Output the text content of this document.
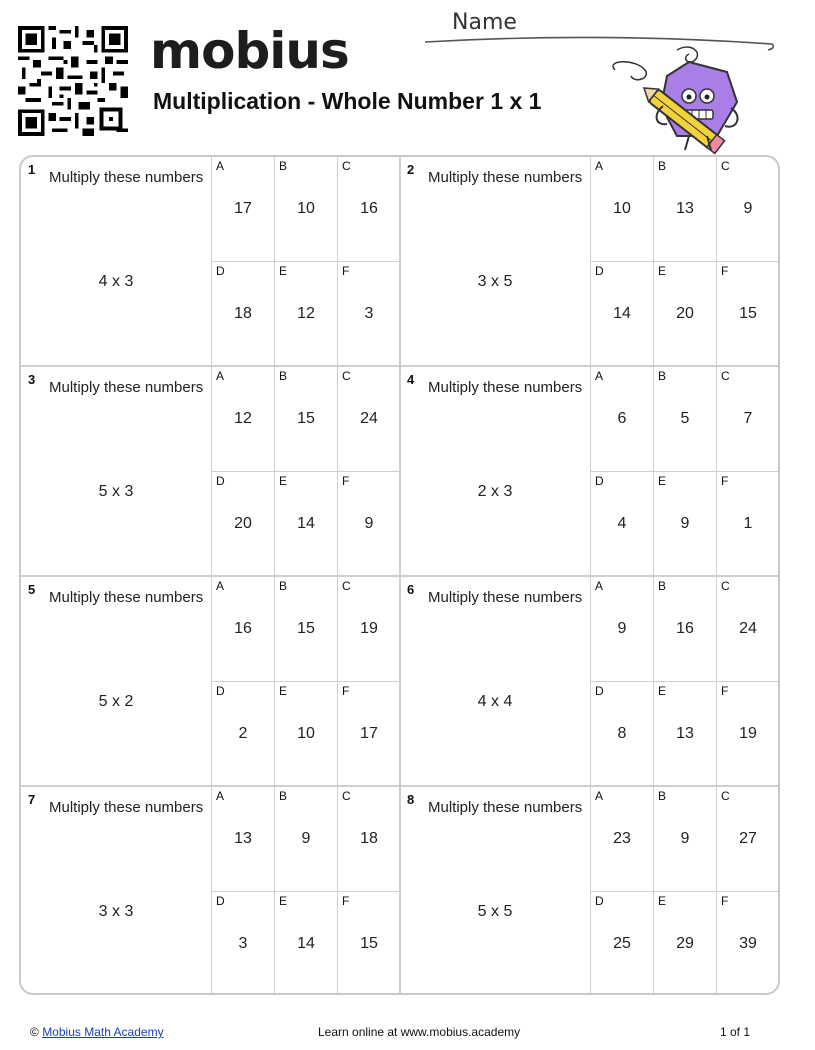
mobius
Multiplication - Whole Number 1 x 1
Name
1 Multiply these numbers
4 x 3
A
17
B
10
C
16
D
18
E
12
F
3
2 Multiply these numbers
3 x 5
A
10
B
13
C
9
D
14
E
20
F
15
3 Multiply these numbers
5 x 3
A
12
B
15
C
24
D
20
E
14
F
9
4 Multiply these numbers
2 x 3
A
6
B
5
C
7
D
4
E
9
F
1
5 Multiply these numbers
5 x 2
A
16
B
15
C
19
D
2
E
10
F
17
6 Multiply these numbers
4 x 4
A
9
B
16
C
24
D
8
E
13
F
19
7 Multiply these numbers
3 x 3
A
13
B
9
C
18
D
3
E
14
F
15
8 Multiply these numbers
5 x 5
A
23
B
9
C
27
D
25
E
29
F
39
© Mobius Math Academy	Learn online at www.mobius.academy	1 of 1
